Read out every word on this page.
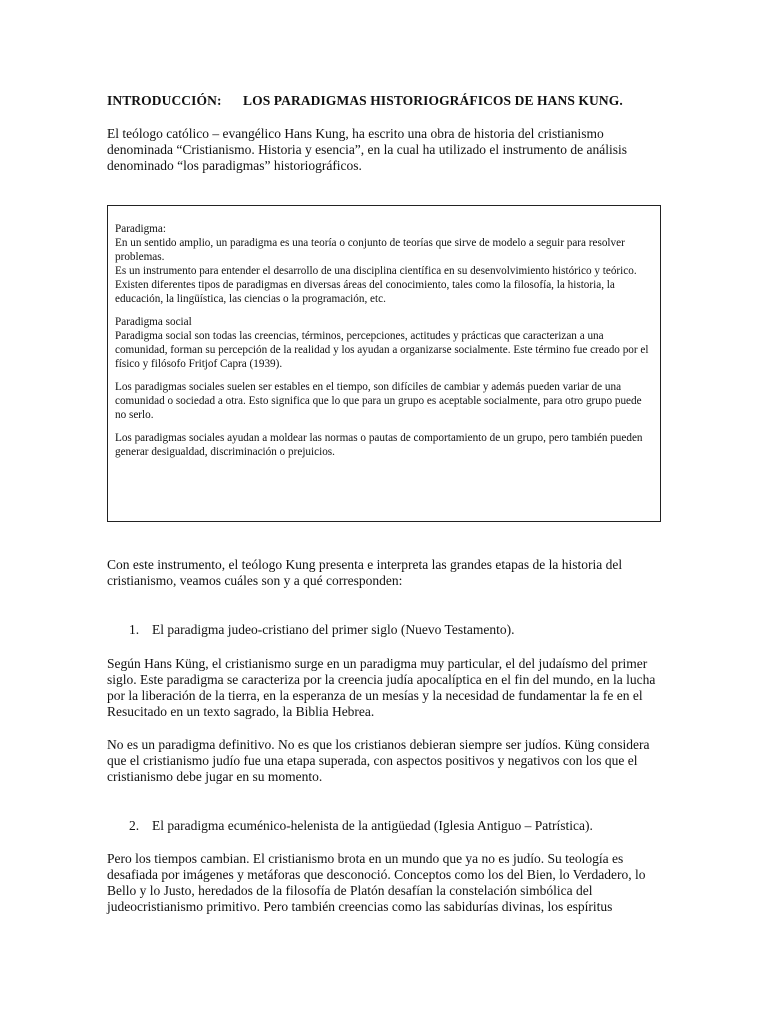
INTRODUCCIÓN: LOS PARADIGMAS HISTORIOGRÁFICOS DE HANS KUNG.
El teólogo católico – evangélico Hans Kung, ha escrito una obra de historia del cristianismo denominada “Cristianismo. Historia y esencia”, en la cual ha utilizado el instrumento de análisis denominado “los paradigmas” historiográficos.
Paradigma:
En un sentido amplio, un paradigma es una teoría o conjunto de teorías que sirve de modelo a seguir para resolver problemas.
Es un instrumento para entender el desarrollo de una disciplina científica en su desenvolvimiento histórico y teórico.
Existen diferentes tipos de paradigmas en diversas áreas del conocimiento, tales como la filosofía, la historia, la educación, la lingüística, las ciencias o la programación, etc.
Paradigma social
Paradigma social son todas las creencias, términos, percepciones, actitudes y prácticas que caracterizan a una comunidad, forman su percepción de la realidad y los ayudan a organizarse socialmente. Este término fue creado por el físico y filósofo Fritjof Capra (1939).
Los paradigmas sociales suelen ser estables en el tiempo, son difíciles de cambiar y además pueden variar de una comunidad o sociedad a otra. Esto significa que lo que para un grupo es aceptable socialmente, para otro grupo puede no serlo.
Los paradigmas sociales ayudan a moldear las normas o pautas de comportamiento de un grupo, pero también pueden generar desigualdad, discriminación o prejuicios.
Con este instrumento, el teólogo Kung presenta e interpreta las grandes etapas de la historia del cristianismo, veamos cuáles son y a qué corresponden:
1. El paradigma judeo-cristiano del primer siglo (Nuevo Testamento).
Según Hans Küng, el cristianismo surge en un paradigma muy particular, el del judaísmo del primer siglo. Este paradigma se caracteriza por la creencia judía apocalíptica en el fin del mundo, en la lucha por la liberación de la tierra, en la esperanza de un mesías y la necesidad de fundamentar la fe en el Resucitado en un texto sagrado, la Biblia Hebrea.
No es un paradigma definitivo. No es que los cristianos debieran siempre ser judíos. Küng considera que el cristianismo judío fue una etapa superada, con aspectos positivos y negativos con los que el cristianismo debe jugar en su momento.
2. El paradigma ecuménico-helenista de la antigüedad (Iglesia Antiguo – Patrística).
Pero los tiempos cambian. El cristianismo brota en un mundo que ya no es judío. Su teología es desafiada por imágenes y metáforas que desconoció. Conceptos como los del Bien, lo Verdadero, lo Bello y lo Justo, heredados de la filosofía de Platón desafían la constelación simbólica del judeocristianismo primitivo. Pero también creencias como las sabidurías divinas, los espíritus
